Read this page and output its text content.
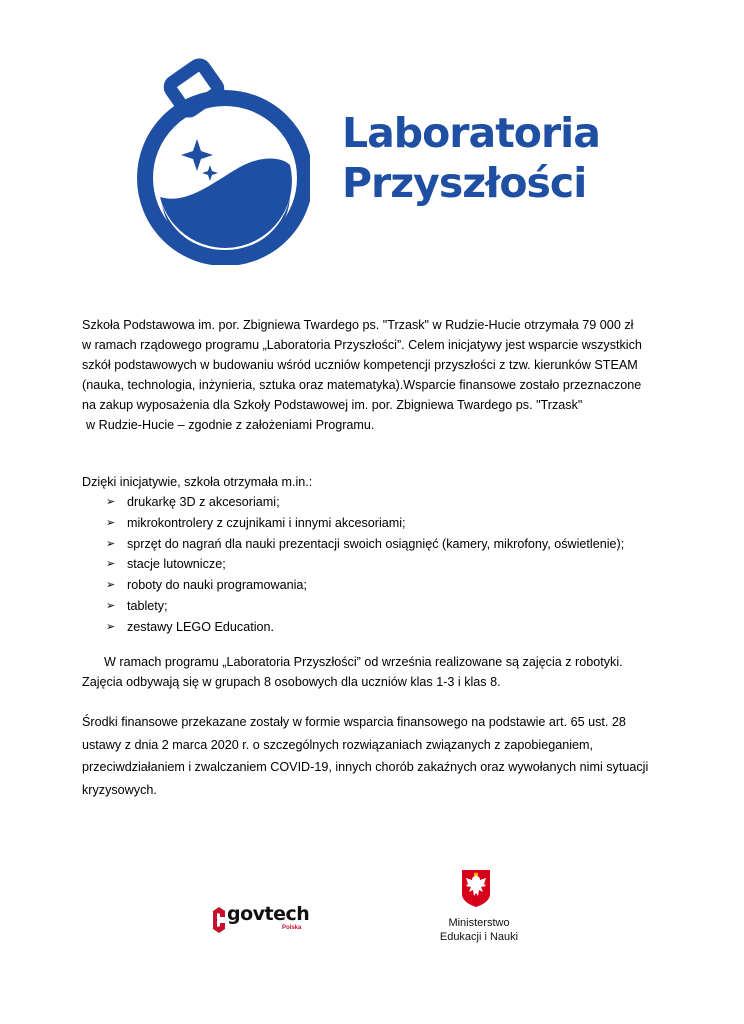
Laboratoria
Przyszłości
Szkoła Podstawowa im. por. Zbigniewa Twardego ps. "Trzask" w Rudzie-Hucie otrzymała 79 000 zł
w ramach rządowego programu „Laboratoria Przyszłości”. Celem inicjatywy jest wsparcie wszystkich
szkół podstawowych w budowaniu wśród uczniów kompetencji przyszłości z tzw. kierunków STEAM
(nauka, technologia, inżynieria, sztuka oraz matematyka).Wsparcie finansowe zostało przeznaczone
na zakup wyposażenia dla Szkoły Podstawowej im. por. Zbigniewa Twardego ps. "Trzask"
w Rudzie-Hucie – zgodnie z założeniami Programu.
Dzięki inicjatywie, szkoła otrzymała m.in.:
➢ drukarkę 3D z akcesoriami;
➢ mikrokontrolery z czujnikami i innymi akcesoriami;
➢ sprzęt do nagrań dla nauki prezentacji swoich osiągnięć (kamery, mikrofony, oświetlenie);
➢ stacje lutownicze;
➢ roboty do nauki programowania;
➢ tablety;
➢ zestawy LEGO Education.
W ramach programu „Laboratoria Przyszłości” od września realizowane są zajęcia z robotyki.
Zajęcia odbywają się w grupach 8 osobowych dla uczniów klas 1-3 i klas 8.
Środki finansowe przekazane zostały w formie wsparcia finansowego na podstawie art. 65 ust. 28
ustawy z dnia 2 marca 2020 r. o szczególnych rozwiązaniach związanych z zapobieganiem,
przeciwdziałaniem i zwalczaniem COVID-19, innych chorób zakaźnych oraz wywołanych nimi sytuacji
kryzysowych.
govtech
Polska	Ministerstwo
Edukacji i Nauki
